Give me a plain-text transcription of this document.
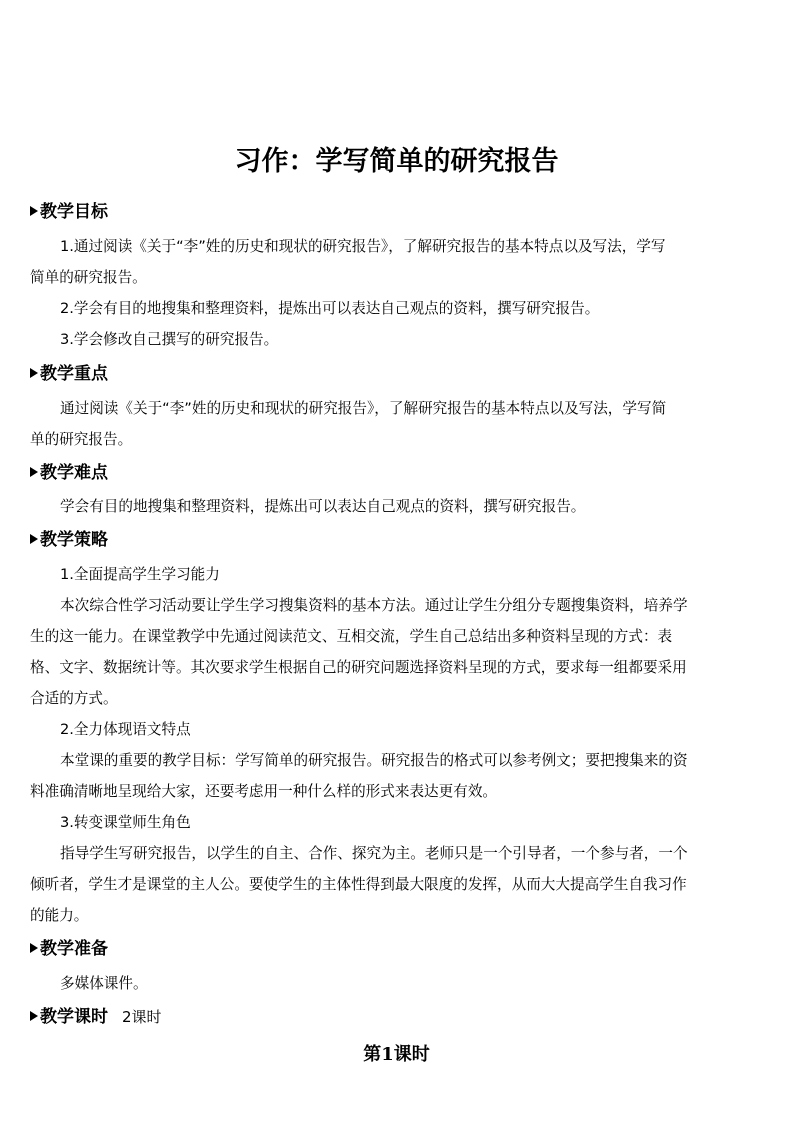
习作：学写简单的研究报告
教学目标
1.通过阅读《关于“李”姓的历史和现状的研究报告》，了解研究报告的基本特点以及写法，学写
简单的研究报告。
2.学会有目的地搜集和整理资料，提炼出可以表达自己观点的资料，撰写研究报告。
3.学会修改自己撰写的研究报告。
教学重点
通过阅读《关于“李”姓的历史和现状的研究报告》，了解研究报告的基本特点以及写法，学写简
单的研究报告。
教学难点
学会有目的地搜集和整理资料，提炼出可以表达自己观点的资料，撰写研究报告。
教学策略
1.全面提高学生学习能力
本次综合性学习活动要让学生学习搜集资料的基本方法。通过让学生分组分专题搜集资料，培养学
生的这一能力。在课堂教学中先通过阅读范文、互相交流，学生自己总结出多种资料呈现的方式：表
格、文字、数据统计等。其次要求学生根据自己的研究问题选择资料呈现的方式，要求每一组都要采用
合适的方式。
2.全力体现语文特点
本堂课的重要的教学目标：学写简单的研究报告。研究报告的格式可以参考例文；要把搜集来的资
料准确清晰地呈现给大家，还要考虑用一种什么样的形式来表达更有效。
3.转变课堂师生角色
指导学生写研究报告，以学生的自主、合作、探究为主。老师只是一个引导者，一个参与者，一个
倾听者，学生才是课堂的主人公。要使学生的主体性得到最大限度的发挥，从而大大提高学生自我习作
的能力。
教学准备
多媒体课件。
教学课时 2课时
第1课时
